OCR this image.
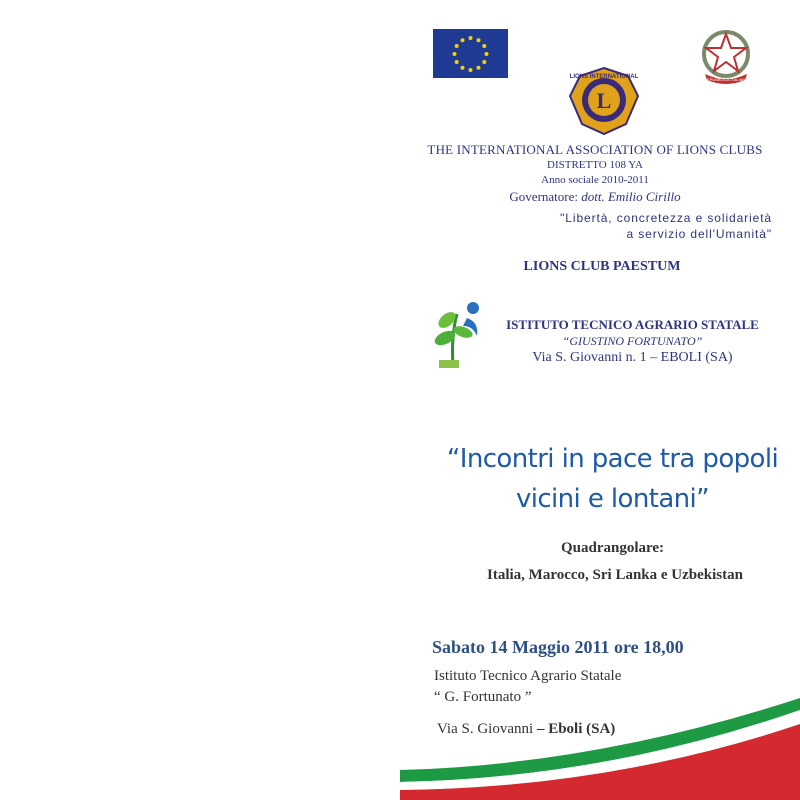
L
LIONS INTERNATIONAL	REPUBBLICA ITALIANA
THE INTERNATIONAL ASSOCIATION OF LIONS CLUBS
DISTRETTO 108 YA
Anno sociale 2010-2011
Governatore: dott. Emilio Cirillo
"Libertà, concretezza e solidarietà
a servizio dell'Umanità"
LIONS CLUB PAESTUM
ISTITUTO TECNICO AGRARIO STATALE
“GIUSTINO FORTUNATO”
Via S. Giovanni n. 1 – EBOLI (SA)
“Incontri in pace tra popoli
vicini e lontani”
Quadrangolare:
Italia, Marocco, Sri Lanka e Uzbekistan
Sabato 14 Maggio 2011 ore 18,00
Istituto Tecnico Agrario Statale
“ G. Fortunato ”
Via S. Giovanni – Eboli (SA)
